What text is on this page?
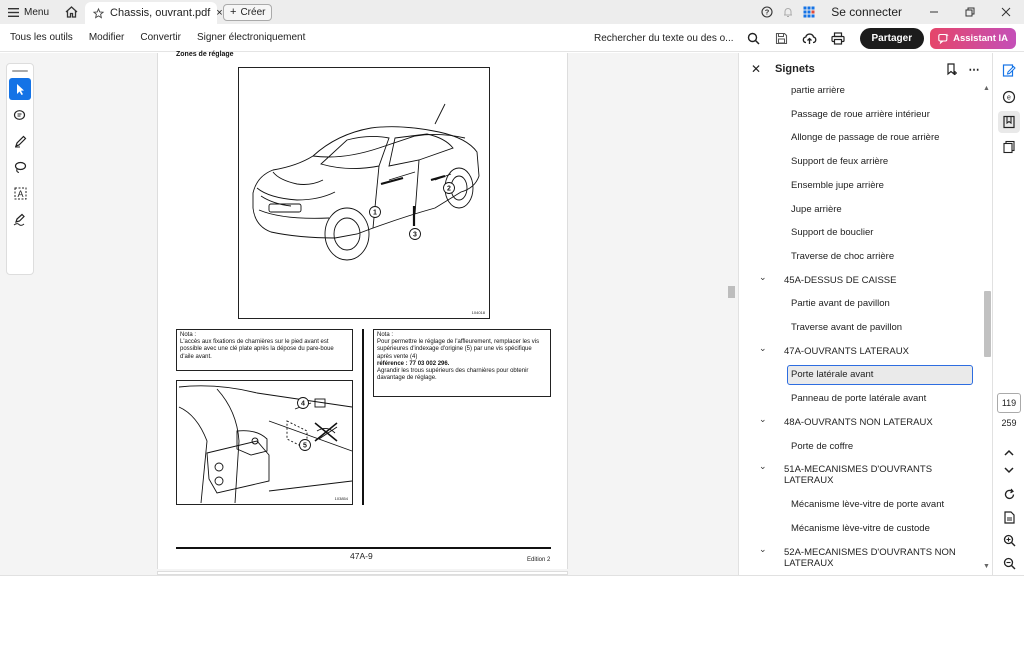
Menu	Chassis, ouvrant.pdf × + Créer	?	Se connecter
Tous les outils	Modifier	Convertir	Signer électroniquement	Rechercher du texte ou des o...	Partager	Assistant IA
A
Zones de réglage
1
2
3
104018
Nota :
L'accès aux fixations de charnières sur le pied avant est possible avec une clé plate après la dépose du pare-boue d'aile avant.
Nota :
Pour permettre le réglage de l'affleurement, remplacer les vis supérieures d'indexage d'origine (5) par une vis spécifique après vente (4)
référence : 77 03 002 296.
Agrandir les trous supérieurs des charnières pour obtenir davantage de réglage.
4
5
103854
47A-9	Edition 2
✕	Signets	⋯
partie arrière
Passage de roue arrière intérieur
Allonge de passage de roue arrière
Support de feux arrière
Ensemble jupe arrière
Jupe arrière
Support de bouclier
Traverse de choc arrière
⌄ 45A-DESSUS DE CAISSE
Partie avant de pavillon
Traverse avant de pavillon
⌄ 47A-OUVRANTS LATERAUX
Porte latérale avant
Panneau de porte latérale avant
⌄ 48A-OUVRANTS NON LATERAUX
Porte de coffre
⌄ 51A-MECANISMES D'OUVRANTS LATERAUX
Mécanisme lève-vitre de porte avant
Mécanisme lève-vitre de custode
⌄ 52A-MECANISMES D'OUVRANTS NON LATERAUX
▲
▼
e
119
259
